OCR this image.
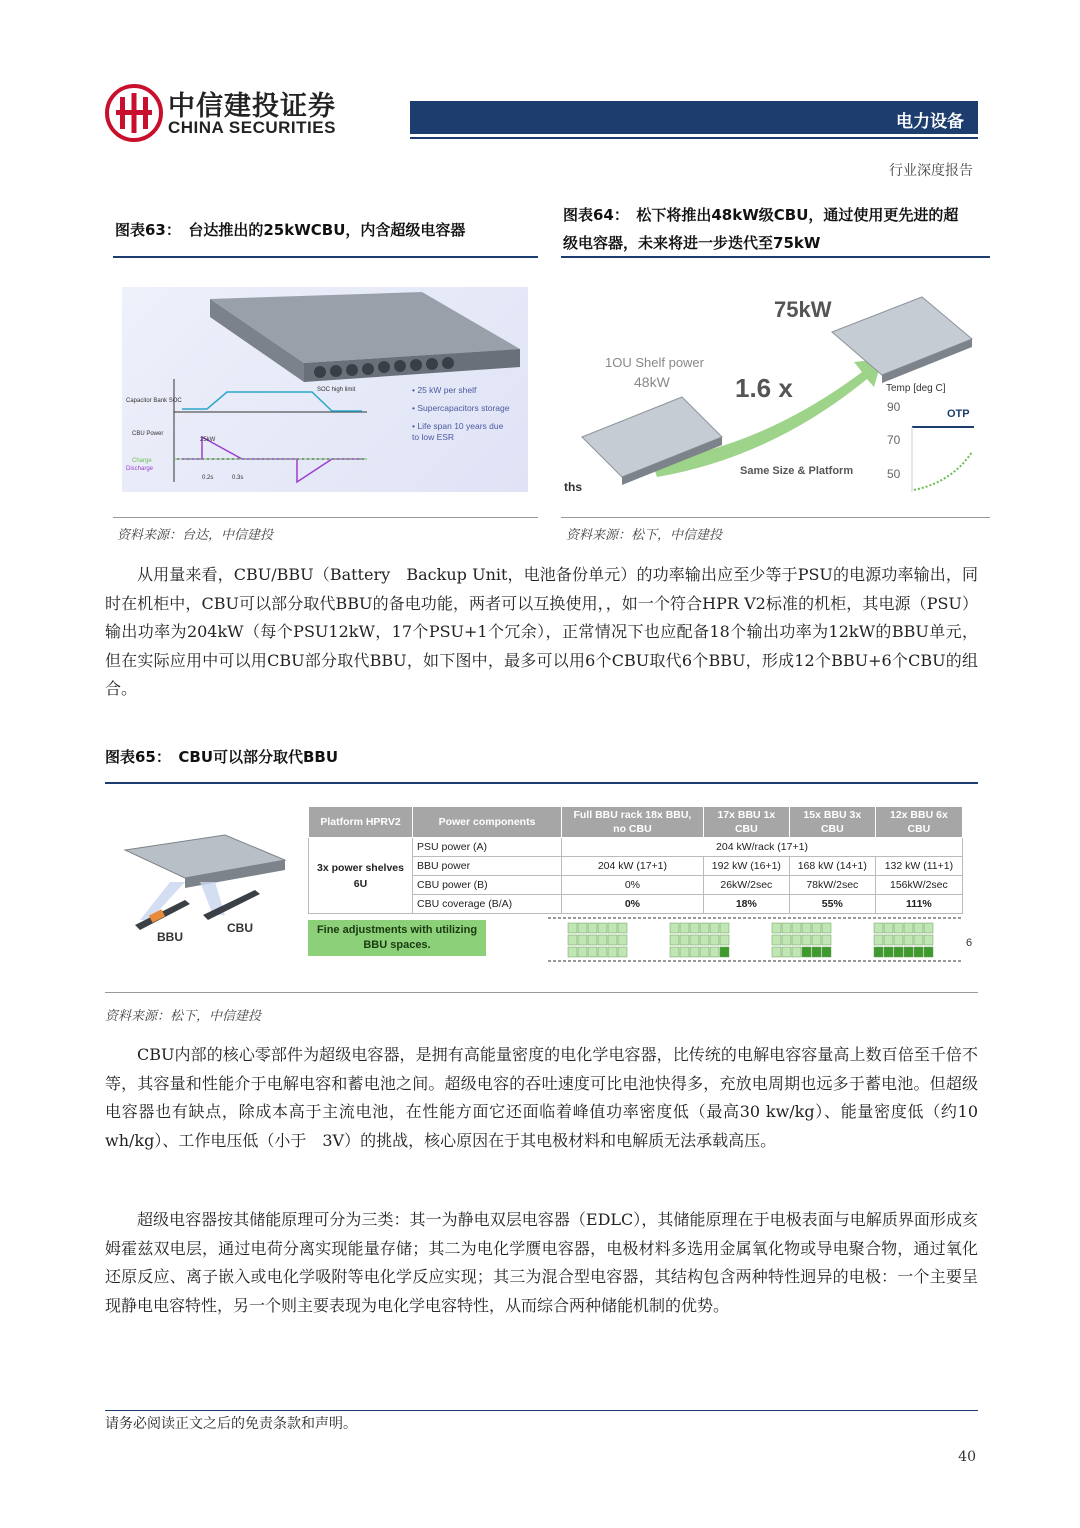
中信建投证券
CHINA SECURITIES	电力设备
行业深度报告
图表63：　台达推出的25kWCBU，内含超级电容器
图表64：　松下将推出48kW级CBU，通过使用更先进的超
级电容器，未来将进一步迭代至75kW
Capacitor Bank SOC
CBU Power
SOC high limit
25kW
0.2s	0.3s
Charge
Discharge
• 25 kW per shelf
• Supercapacitors storage
• Life span 10 years due
to low ESR
75kW
1OU Shelf power
48kW	1.6 x
Same Size & Platform
ths
Temp [deg C]
90	OTP
70
50
资料来源：台达，中信建投	资料来源：松下，中信建投

从用量来看，CBU/BBU（Battery　Backup Unit，电池备份单元）的功率输出应至少等于PSU的电源功率输出，同时在机柜中，CBU可以部分取代BBU的备电功能，两者可以互换使用，，如一个符合HPR V2标准的机柜，其电源（PSU）输出功率为204kW（每个PSU12kW，17个PSU+1个冗余），正常情况下也应配备18个输出功率为12kW的BBU单元，但在实际应用中可以用CBU部分取代BBU，如下图中，最多可以用6个CBU取代6个BBU，形成12个BBU+6个CBU的组合。

图表65：　CBU可以部分取代BBU
BBU
CBU
Platform HPRV2	Power components	Full BBU rack 18x BBU, no CBU	17x BBU 1x CBU	15x BBU 3x CBU	12x BBU 6x CBU
3x power shelves 6U	PSU power (A)	204 kW/rack (17+1)			
	BBU power	204 kW (17+1)	192 kW (16+1)	168 kW (14+1)	132 kW (11+1)
	CBU power (B)	0%	26kW/2sec	78kW/2sec	156kW/2sec
	CBU coverage (B/A)	0%	18%	55%	111%
Fine adjustments with utilizing BBU spaces.	6
资料来源：松下，中信建投

CBU内部的核心零部件为超级电容器，是拥有高能量密度的电化学电容器，比传统的电解电容容量高上数百倍至千倍不等，其容量和性能介于电解电容和蓄电池之间。超级电容的吞吐速度可比电池快得多，充放电周期也远多于蓄电池。但超级电容器也有缺点，除成本高于主流电池，在性能方面它还面临着峰值功率密度低（最高30 kw/kg）、能量密度低（约10 wh/kg）、工作电压低（小于　3V）的挑战，核心原因在于其电极材料和电解质无法承载高压。

超级电容器按其储能原理可分为三类：其一为静电双层电容器（EDLC），其储能原理在于电极表面与电解质界面形成亥姆霍兹双电层，通过电荷分离实现能量存储；其二为电化学赝电容器，电极材料多选用金属氧化物或导电聚合物，通过氧化还原反应、离子嵌入或电化学吸附等电化学反应实现；其三为混合型电容器，其结构包含两种特性迥异的电极：一个主要呈现静电电容特性，另一个则主要表现为电化学电容特性，从而综合两种储能机制的优势。

请务必阅读正文之后的免责条款和声明。
40
